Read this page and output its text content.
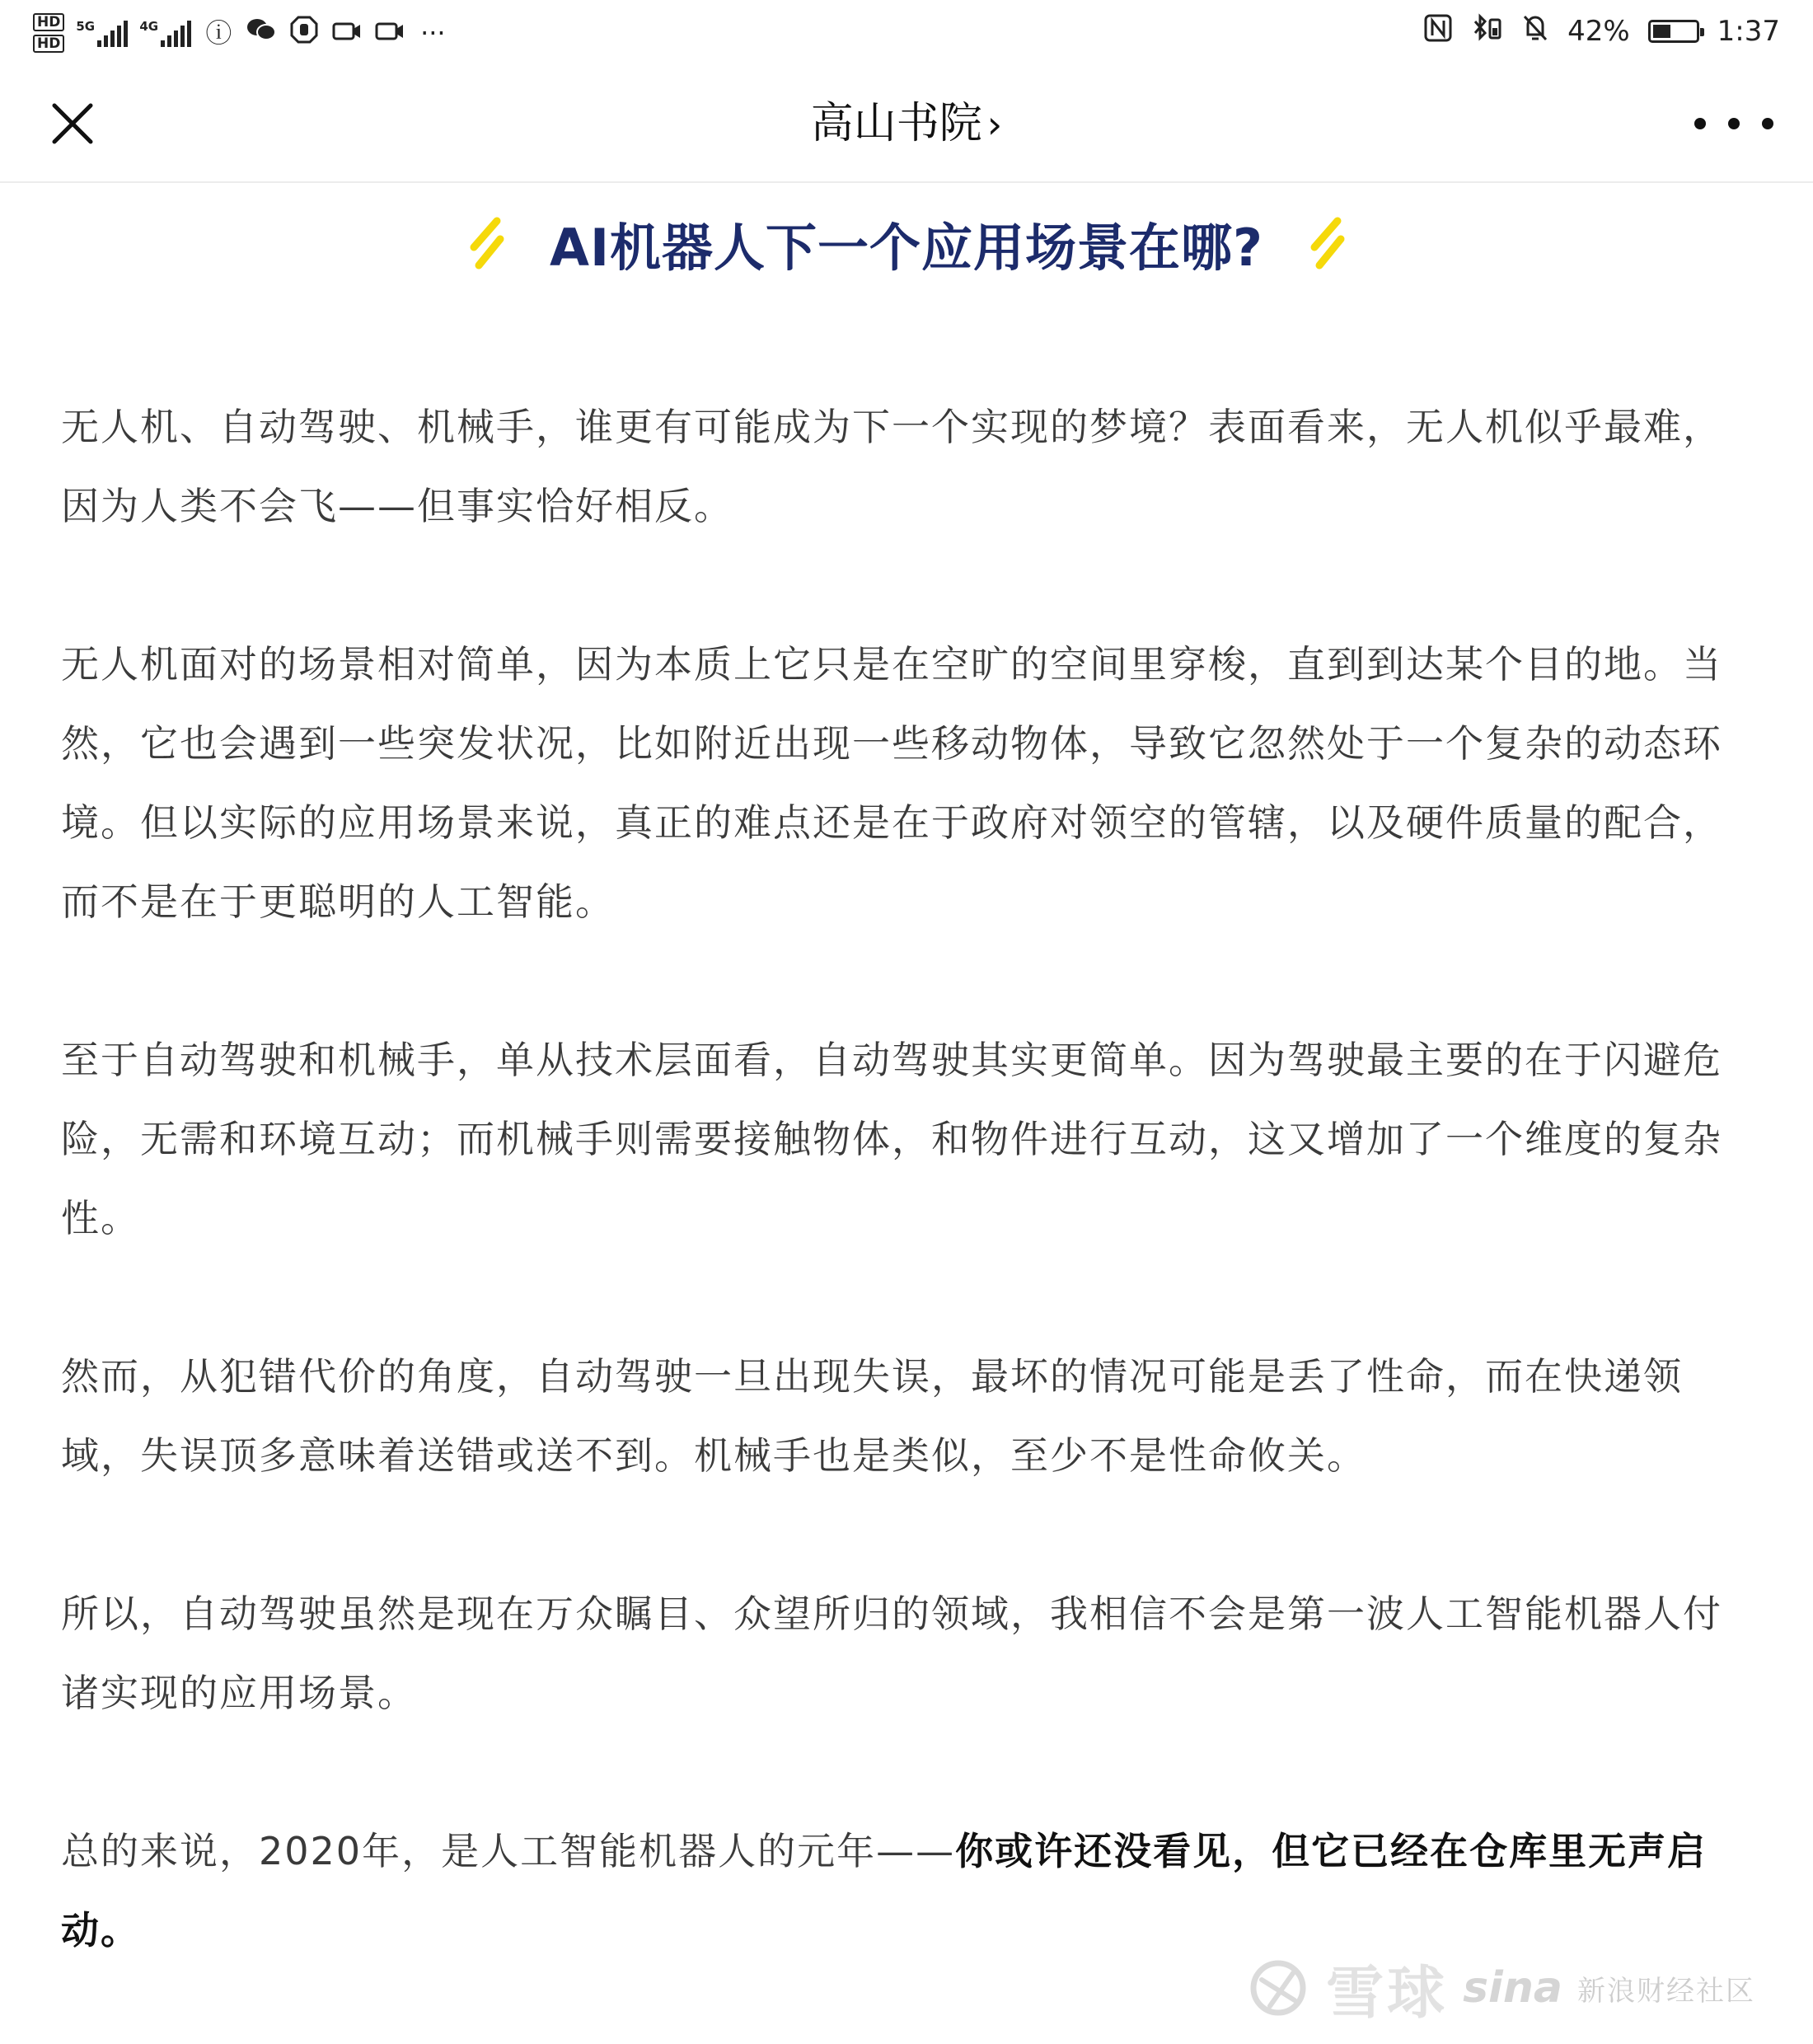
HD
HD
5G	4G ⓘ	···	42%	1:37
高山书院 ›
AI机器人下一个应用场景在哪?

无人机、自动驾驶、机械手，谁更有可能成为下一个实现的梦境？表面看来，无人机似乎最难，因为人类不会飞——但事实恰好相反。

无人机面对的场景相对简单，因为本质上它只是在空旷的空间里穿梭，直到到达某个目的地。当然，它也会遇到一些突发状况，比如附近出现一些移动物体，导致它忽然处于一个复杂的动态环境。但以实际的应用场景来说，真正的难点还是在于政府对领空的管辖，以及硬件质量的配合，而不是在于更聪明的人工智能。

至于自动驾驶和机械手，单从技术层面看，自动驾驶其实更简单。因为驾驶最主要的在于闪避危险，无需和环境互动；而机械手则需要接触物体，和物件进行互动，这又增加了一个维度的复杂性。

然而，从犯错代价的角度，自动驾驶一旦出现失误，最坏的情况可能是丢了性命，而在快递领域，失误顶多意味着送错或送不到。机械手也是类似，至少不是性命攸关。

所以，自动驾驶虽然是现在万众瞩目、众望所归的领域，我相信不会是第一波人工智能机器人付诸实现的应用场景。

总的来说，2020年，是人工智能机器人的元年——你或许还没看见，但它已经在仓库里无声启动。

雪球 sina 新浪财经社区
